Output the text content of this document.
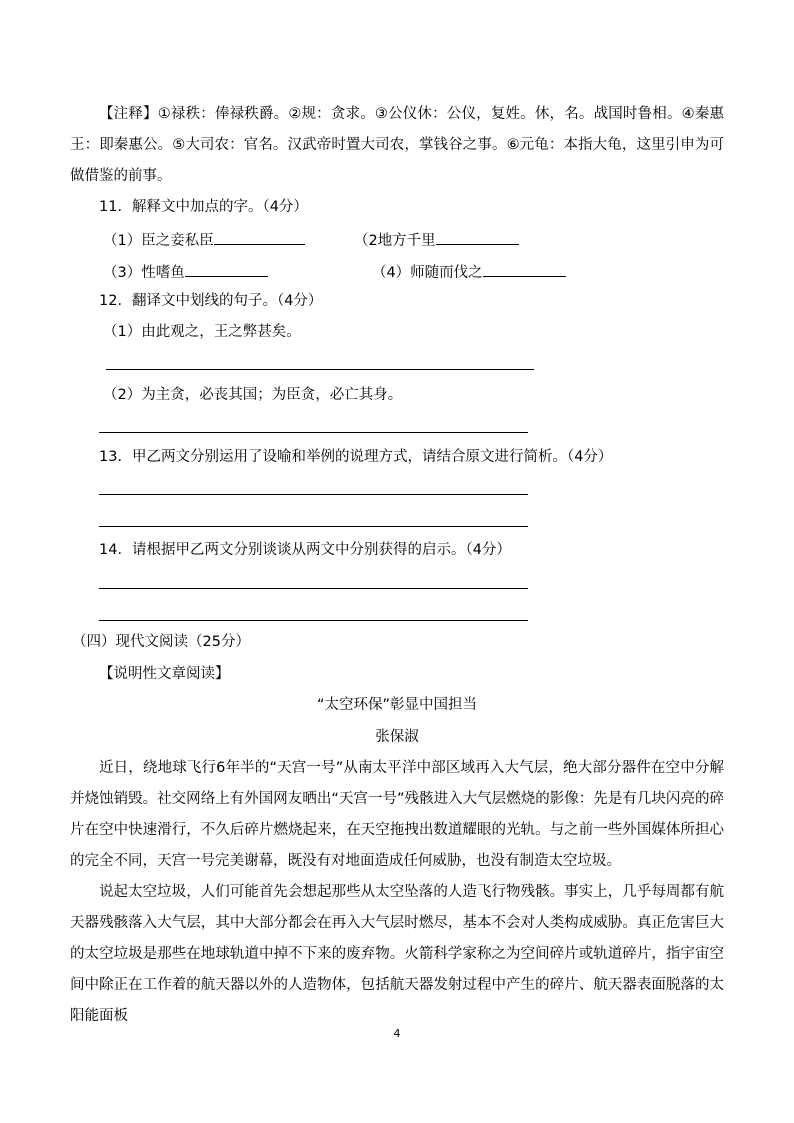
【注释】①禄秩：俸禄秩爵。②规：贪求。③公仪休：公仪，复姓。休，名。战国时鲁相。④秦惠王：即秦惠公。⑤大司农：官名。汉武帝时置大司农，掌钱谷之事。⑥元龟：本指大龟，这里引申为可做借鉴的前事。

11．解释文中加点的字。（4分）
（1）臣之妾私臣	（2地方千里
（3）性嗜鱼	（4）师随而伐之
12．翻译文中划线的句子。（4分）
（1）由此观之，王之弊甚矣。
（2）为主贪，必丧其国；为臣贪，必亡其身。
13．甲乙两文分别运用了设喻和举例的说理方式，请结合原文进行简析。（4分）
14．请根据甲乙两文分别谈谈从两文中分别获得的启示。（4分）
（四）现代文阅读（25分）
【说明性文章阅读】
“太空环保”彰显中国担当
张保淑

近日，绕地球飞行6年半的“天宫一号”从南太平洋中部区域再入大气层，绝大部分器件在空中分解并烧蚀销毁。社交网络上有外国网友晒出“天宫一号”残骸进入大气层燃烧的影像：先是有几块闪亮的碎片在空中快速滑行，不久后碎片燃烧起来，在天空拖拽出数道耀眼的光轨。与之前一些外国媒体所担心的完全不同，天宫一号完美谢幕，既没有对地面造成任何威胁，也没有制造太空垃圾。

说起太空垃圾，人们可能首先会想起那些从太空坠落的人造飞行物残骸。事实上，几乎每周都有航天器残骸落入大气层，其中大部分都会在再入大气层时燃尽，基本不会对人类构成威胁。真正危害巨大的太空垃圾是那些在地球轨道中掉不下来的废弃物。火箭科学家称之为空间碎片或轨道碎片，指宇宙空间中除正在工作着的航天器以外的人造物体，包括航天器发射过程中产生的碎片、航天器表面脱落的太阳能面板

4
